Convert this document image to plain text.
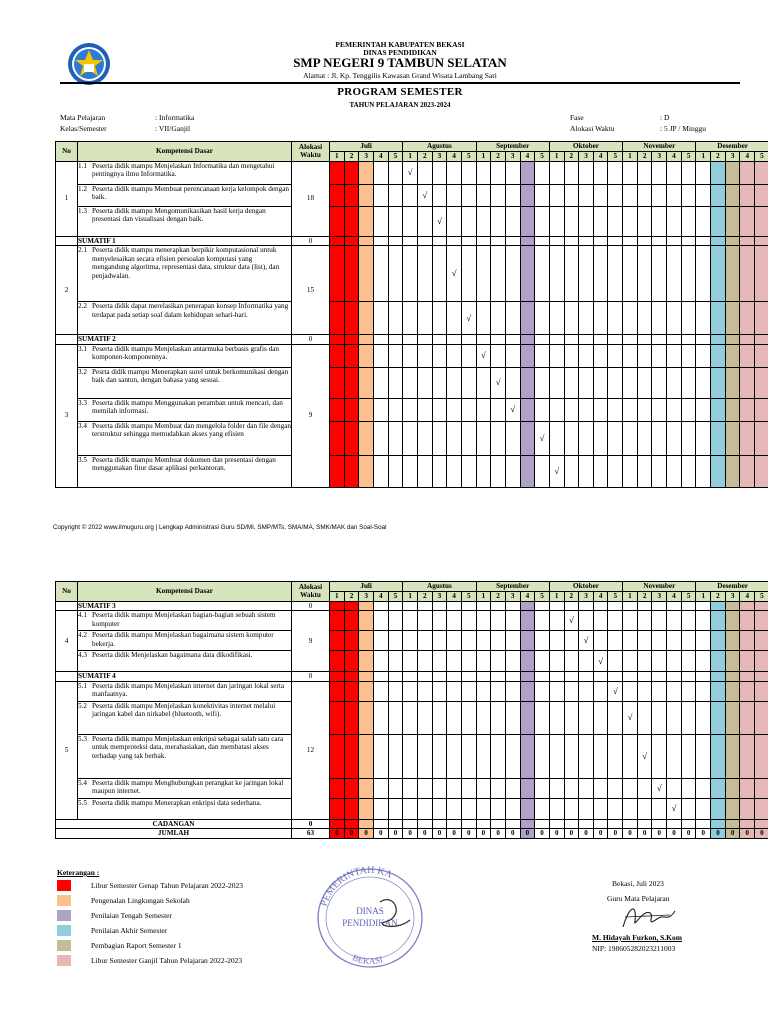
PEMERINTAH KABUPATEN BEKASI
DINAS PENDIDIKAN
SMP NEGERI 9 TAMBUN SELATAN
Alamat : Jl. Kp. Tenggilis Kawasan Grand Wisata Lambang Sari
PROGRAM SEMESTER
TAHUN PELAJARAN 2023-2024
Mata Pelajaran
Kelas/Semester
: Informatika
: VII/Ganjil
Fase
Alokasi Waktu
: D
: 5 JP / Minggu
No	Kompetensi Dasar	Alokasi
Waktu	Juli					Agustus					September					Oktober					November					Desember				
			1	2	3	4	5	1	2	3	4	5	1	2	3	4	5	1	2	3	4	5	1	2	3	4	5	1	2	3	4	5
1	1.1 Peserta didik mampu Menjelaskan Informatika dan mengetahui pentingnya ilmu Informatika.	18						√																								

	1.2 Peserta didik mampu Membuat perencanaan kerja kelompok dengan baik.								√																							

	1.3 Peserta didik mampu Mengomunikasikan hasil kerja dengan presentasi dan visualisasi dengan baik.									√																						
	SUMATIF 1	0																														
2	2.1 Peserta didik mampu menerapkan berpikir komputasional untuk menyelesaikan secara efisien persoalan komputasi yang mengandung algoritma, representasi data, struktur data (list), dan penjadwalan.	15									√																					

	2.2 Peserta didik dapat merelasikan penerapan konsep Informatika yang terdapat pada setiap soal dalam kehidupan sehari-hari.											√																				
	SUMATIF 2	0																														
3	3.1 Peserta didik mampu Menjelaskan antarmuka berbasis grafis dan komponen-komponennya.	9											√																			

	3.2 Pesrta didik mampu Menerapkan surel untuk berkomunikasi dengan baik dan santun, dengan bahasa yang sesuai.													√																		

	3.3 Peserta didik mampu Menggunakan peramban untuk mencari, dan memilah informasi.														√																	

	3.4 Peserta didik mampu Membuat dan mengelola folder dan file dengan terstruktur sehingga memudahkan akses yang efisien																√															

	3.5 Peserta didik mampu Membuat dokumen dan presentasi dengan menggunakan fitur dasar aplikasi perkantoran.																	√														
Copyright © 2022 www.ilmuguru.org | Lengkap Administrasi Guru SD/MI, SMP/MTs, SMA/MA, SMK/MAK dan Soal-Soal
No	Kompetensi Dasar	Alokasi
Waktu	Juli					Agustus					September					Oktober					November					Desember				
			1	2	3	4	5	1	2	3	4	5	1	2	3	4	5	1	2	3	4	5	1	2	3	4	5	1	2	3	4	5
	SUMATIF 3	0																														
4	4.1 Peserta didik mampu Menjelaskan bagian-bagian sebuah sistem komputer	9																	√													

	4.2 Peserta didik mampu Menjelaskan bagaimana sistem komputer bekerja.																			√												

	4.3 Peserta didik Menjelaskan bagaimana data dikodifikasi.																				√											
	SUMATIF 4	0																														
5	5.1 Peserta didik mampu Menjelaskan internet dan jaringan lokal serta manfaatnya.	12																				√										

	5.2 Peserta didik mampu Menjelaskan konektivitas internet melalui jaringan kabel dan nirkabel (bluetooth, wifi).																						√									

	5.3 Peserta didik mampu Menjelaskan enkripsi sebagai salah satu cara untuk memproteksi data, merahasiakan, dan membatasi akses terhadap yang tak berhak.																							√								

	5.4 Peserta didik mampu Menghubungkan perangkat ke jaringan lokal maupun internet.																								√							

	5.5 Peserta didik mampu Menerapkan enkripsi data sederhana.																									√						
CADANGAN		0																														
JUMLAH		63	0	0	0	0	0	0	0	0	0	0	0	0	0	0	0	0	0	0	0	0	0	0	0	0	0	0	0	0	0	0
Keterangan :
Libur Semester Genap Tahun Pelajaran 2022-2023
Pengenalan Lingkungan Sekolah
Penilaian Tengah Semester
Penilaian Akhir Semester
Pembagian Raport Semester 1
Libur Semester Ganjil Tahun Pelajaran 2022-2023
PEMERINTAH KA
BEKASI
DINAS
PENDIDIKAN
Bekasi, Juli 2023
Guru Mata Pelajaran
M. Hidayah Furkon, S.Kom
NIP: 198605282023211003
